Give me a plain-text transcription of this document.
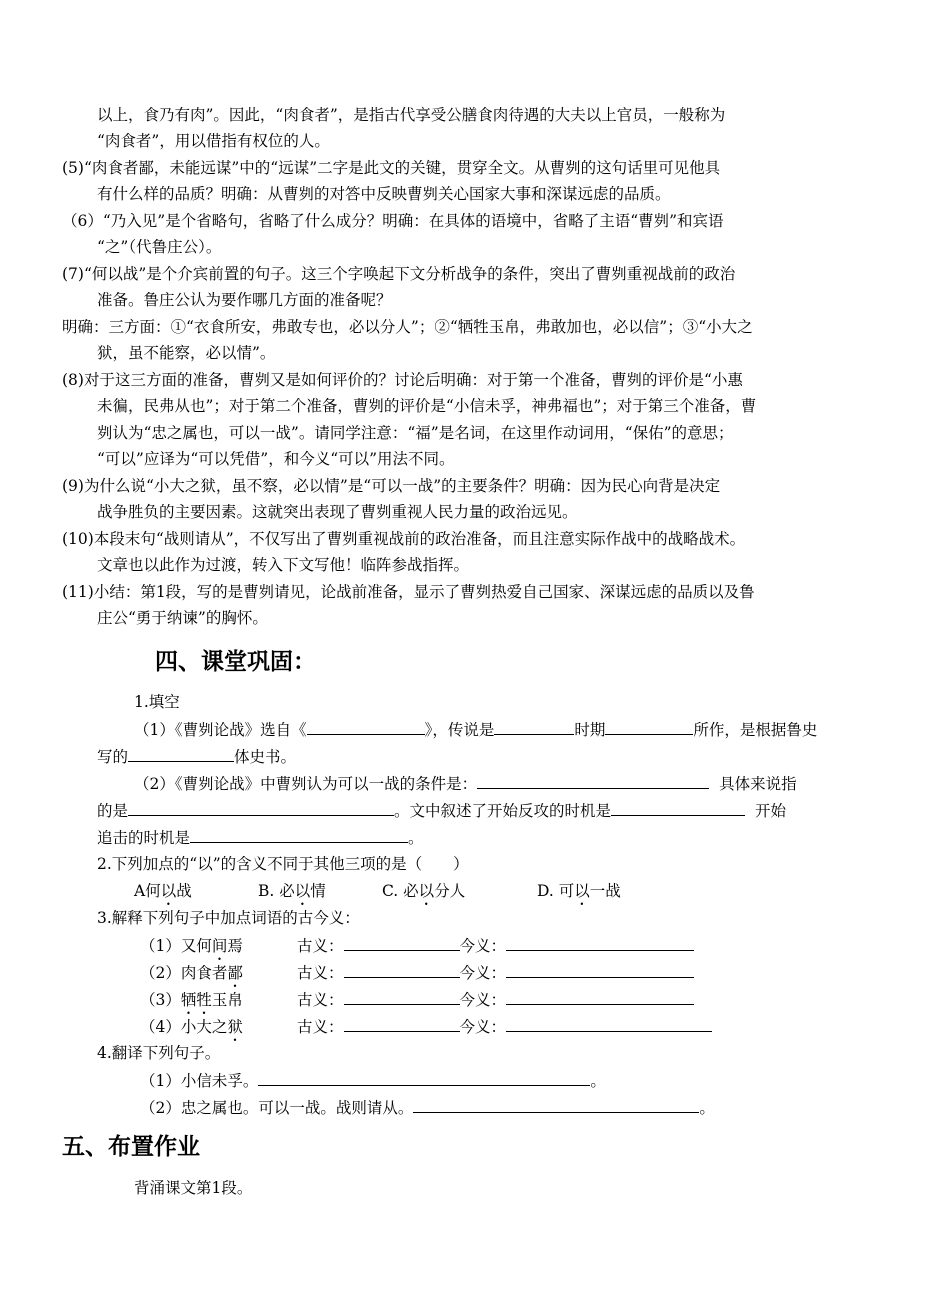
以上，食乃有肉”。因此，“肉食者”，是指古代享受公膳食肉待遇的大夫以上官员，一般称为
“肉食者”，用以借指有权位的人。
(5)“肉食者鄙，未能远谋”中的“远谋”二字是此文的关键，贯穿全文。从曹刿的这句话里可见他具
有什么样的品质？明确：从曹刿的对答中反映曹刿关心国家大事和深谋远虑的品质。
（6）“乃入见”是个省略句，省略了什么成分？明确：在具体的语境中，省略了主语“曹刿”和宾语
“之”（代鲁庄公）。
(7)“何以战”是个介宾前置的句子。这三个字唤起下文分析战争的条件，突出了曹刿重视战前的政治
准备。鲁庄公认为要作哪几方面的准备呢？
明确：三方面：①“衣食所安，弗敢专也，必以分人”；②“牺牲玉帛，弗敢加也，必以信”；③“小大之
狱，虽不能察，必以情”。
(8)对于这三方面的准备，曹刿又是如何评价的？讨论后明确：对于第一个准备，曹刿的评价是“小惠
未徧，民弗从也”；对于第二个准备，曹刿的评价是“小信未孚，神弗福也”；对于第三个准备，曹
刿认为“忠之属也，可以一战”。请同学注意：“福”是名词，在这里作动词用，“保佑”的意思；
“可以”应译为“可以凭借”，和今义“可以”用法不同。
(9)为什么说“小大之狱，虽不察，必以情”是“可以一战”的主要条件？明确：因为民心向背是决定
战争胜负的主要因素。这就突出表现了曹刿重视人民力量的政治远见。
(10)本段末句“战则请从”，不仅写出了曹刿重视战前的政治准备，而且注意实际作战中的战略战术。
文章也以此作为过渡，转入下文写他！临阵参战指挥。
(11)小结：第1段，写的是曹刿请见，论战前准备，显示了曹刿热爱自己国家、深谋远虑的品质以及鲁
庄公“勇于纳谏”的胸怀。
四、课堂巩固：
1.填空
（1）《曹刿论战》选自《	》，传说是	时期	所作，是根据鲁史
写的	体史书。
（2）《曹刿论战》中曹刿认为可以一战的条件是：	具体来说指
的是	。文中叙述了开始反攻的时机是	开始
追击的时机是	。
2.下列加点的“以”的含义不同于其他三项的是（　　）
A何以战	B. 必以情	C. 必以分人	D. 可以一战
3.解释下列句子中加点词语的古今义：
（1）又何间焉	古义：	今义：
（2）肉食者鄙	古义：	今义：
（3）牺牲玉帛	古义：	今义：
（4）小大之狱	古义：	今义：
4.翻译下列句子。
（1）小信未孚。	。
（2）忠之属也。可以一战。战则请从。	。
五、布置作业
背涌课文第1段。
